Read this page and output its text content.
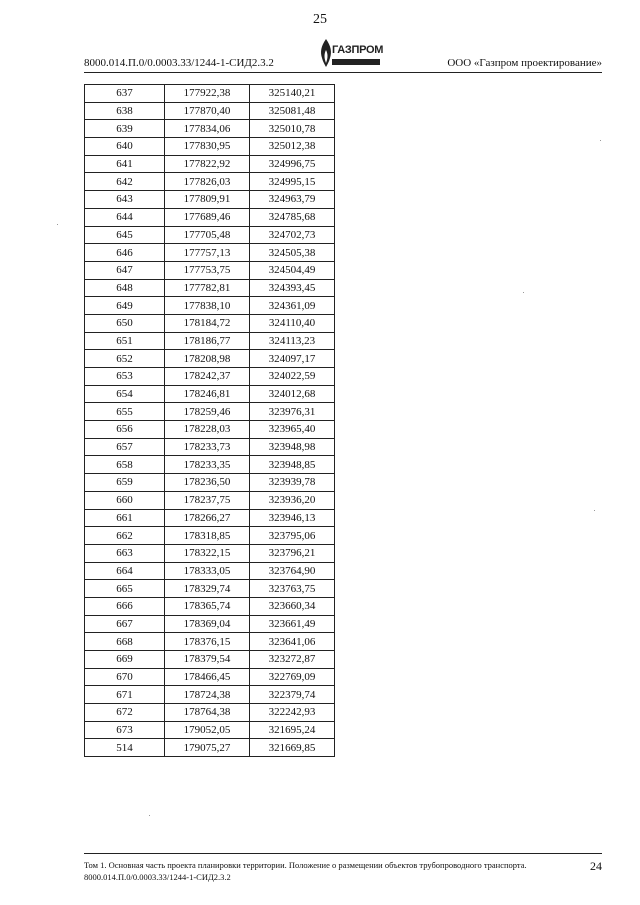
25
8000.014.П.0/0.0003.33/1244-1-СИД2.3.2
ГАЗПРОМ
ООО «Газпром проектирование»
637	177922,38	325140,21
638	177870,40	325081,48
639	177834,06	325010,78
640	177830,95	325012,38
641	177822,92	324996,75
642	177826,03	324995,15
643	177809,91	324963,79
644	177689,46	324785,68
645	177705,48	324702,73
646	177757,13	324505,38
647	177753,75	324504,49
648	177782,81	324393,45
649	177838,10	324361,09
650	178184,72	324110,40
651	178186,77	324113,23
652	178208,98	324097,17
653	178242,37	324022,59
654	178246,81	324012,68
655	178259,46	323976,31
656	178228,03	323965,40
657	178233,73	323948,98
658	178233,35	323948,85
659	178236,50	323939,78
660	178237,75	323936,20
661	178266,27	323946,13
662	178318,85	323795,06
663	178322,15	323796,21
664	178333,05	323764,90
665	178329,74	323763,75
666	178365,74	323660,34
667	178369,04	323661,49
668	178376,15	323641,06
669	178379,54	323272,87
670	178466,45	322769,09
671	178724,38	322379,74
672	178764,38	322242,93
673	179052,05	321695,24
514	179075,27	321669,85
Том 1. Основная часть проекта планировки территории. Положение о размещении объектов трубопроводного транспорта.
8000.014.П.0/0.0003.33/1244-1-СИД2.3.2
24
